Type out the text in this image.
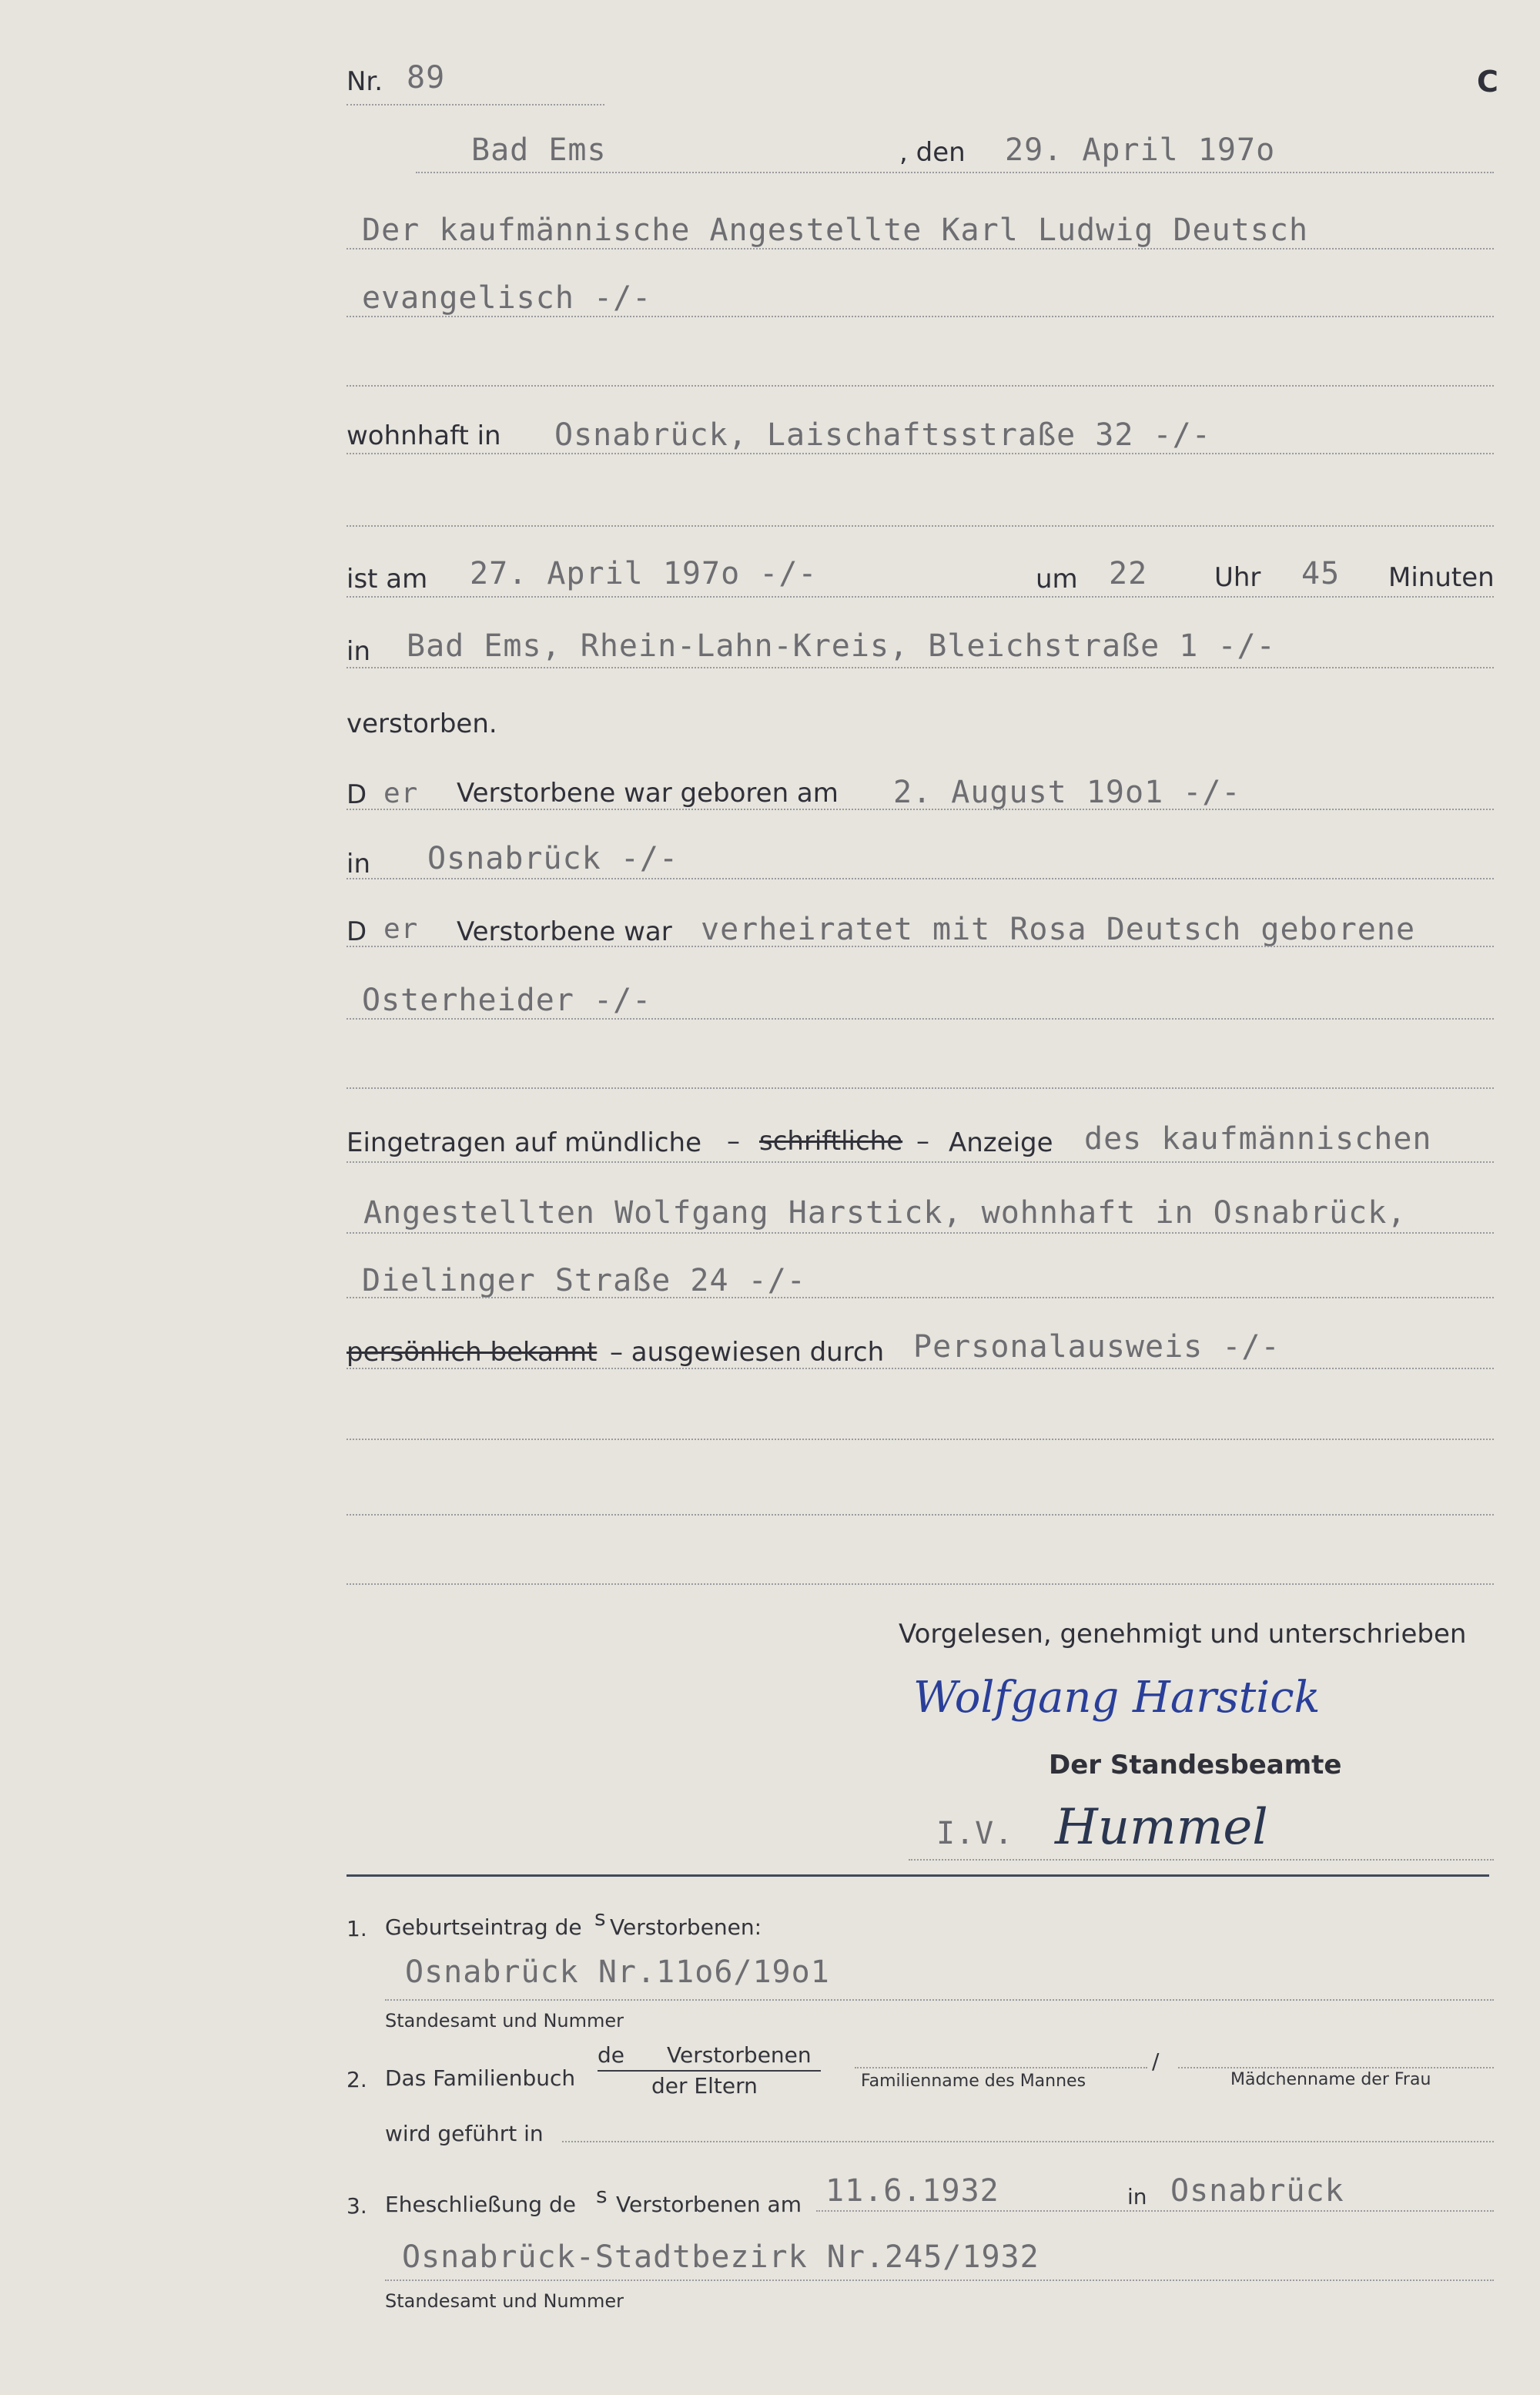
Nr. 89	C
Bad Ems	, den 29. April 197o
Der kaufmännische Angestellte Karl Ludwig Deutsch
evangelisch -/-
wohnhaft in Osnabrück, Laischaftsstraße 32 -/-
ist am 27. April 197o -/-	um 22	Uhr 45 Minuten
in Bad Ems, Rhein-Lahn-Kreis, Bleichstraße 1 -/-
verstorben.
D er Verstorbene war geboren am 2. August 19o1 -/-
in Osnabrück -/-
D er Verstorbene war verheiratet mit Rosa Deutsch geborene
Osterheider -/-
Eingetragen auf mündliche – schriftliche – Anzeige des kaufmännischen
Angestellten Wolfgang Harstick, wohnhaft in Osnabrück,
Dielinger Straße 24 -/-
persönlich bekannt – ausgewiesen durch Personalausweis -/-
Vorgelesen, genehmigt und unterschrieben
Wolfgang Harstick
Der Standesbeamte
I.V. Hummel
1. Geburtseintrag de s Verstorbenen:
Osnabrück Nr.11o6/19o1
Standesamt und Nummer
2. Das Familienbuch
de Verstorbenen
der Eltern	Familienname des Mannes
/
Mädchenname der Frau
wird geführt in
3. Eheschließung de s Verstorbenen am 11.6.1932	in Osnabrück
Osnabrück-Stadtbezirk Nr.245/1932
Standesamt und Nummer
